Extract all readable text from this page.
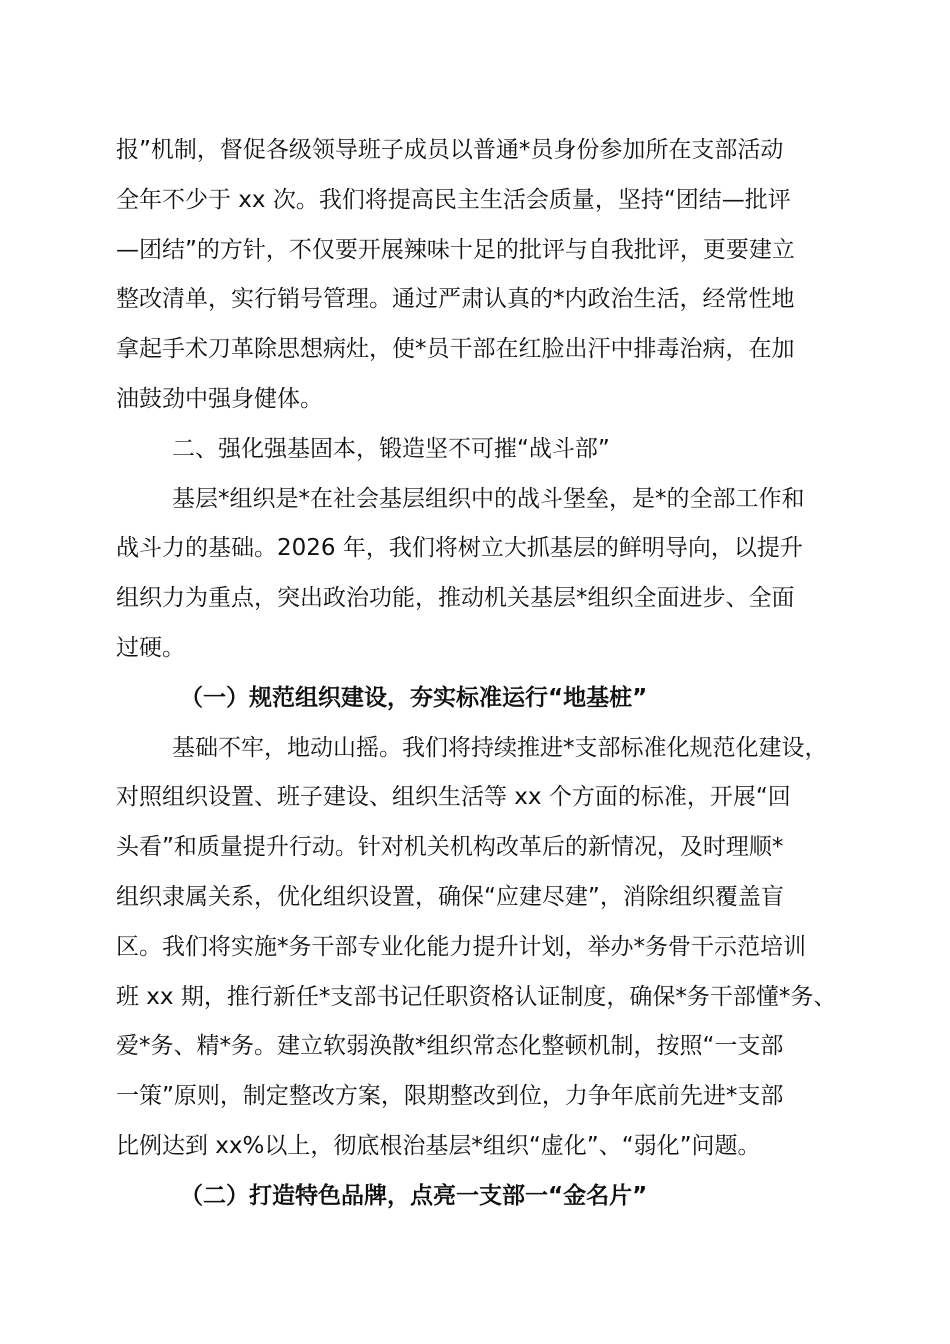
报”机制，督促各级领导班子成员以普通*员身份参加所在支部活动
全年不少于 xx 次。我们将提高民主生活会质量，坚持“团结—批评
—团结”的方针，不仅要开展辣味十足的批评与自我批评，更要建立
整改清单，实行销号管理。通过严肃认真的*内政治生活，经常性地
拿起手术刀革除思想病灶，使*员干部在红脸出汗中排毒治病，在加
油鼓劲中强身健体。
二、强化强基固本，锻造坚不可摧“战斗部”
基层*组织是*在社会基层组织中的战斗堡垒，是*的全部工作和
战斗力的基础。2026 年，我们将树立大抓基层的鲜明导向，以提升
组织力为重点，突出政治功能，推动机关基层*组织全面进步、全面
过硬。
（一）规范组织建设，夯实标准运行“地基桩”
基础不牢，地动山摇。我们将持续推进*支部标准化规范化建设，
对照组织设置、班子建设、组织生活等 xx 个方面的标准，开展“回
头看”和质量提升行动。针对机关机构改革后的新情况，及时理顺*
组织隶属关系，优化组织设置，确保“应建尽建”，消除组织覆盖盲
区。我们将实施*务干部专业化能力提升计划，举办*务骨干示范培训
班 xx 期，推行新任*支部书记任职资格认证制度，确保*务干部懂*务、
爱*务、精*务。建立软弱涣散*组织常态化整顿机制，按照“一支部
一策”原则，制定整改方案，限期整改到位，力争年底前先进*支部
比例达到 xx%以上，彻底根治基层*组织“虚化”、“弱化”问题。
（二）打造特色品牌，点亮一支部一“金名片”
